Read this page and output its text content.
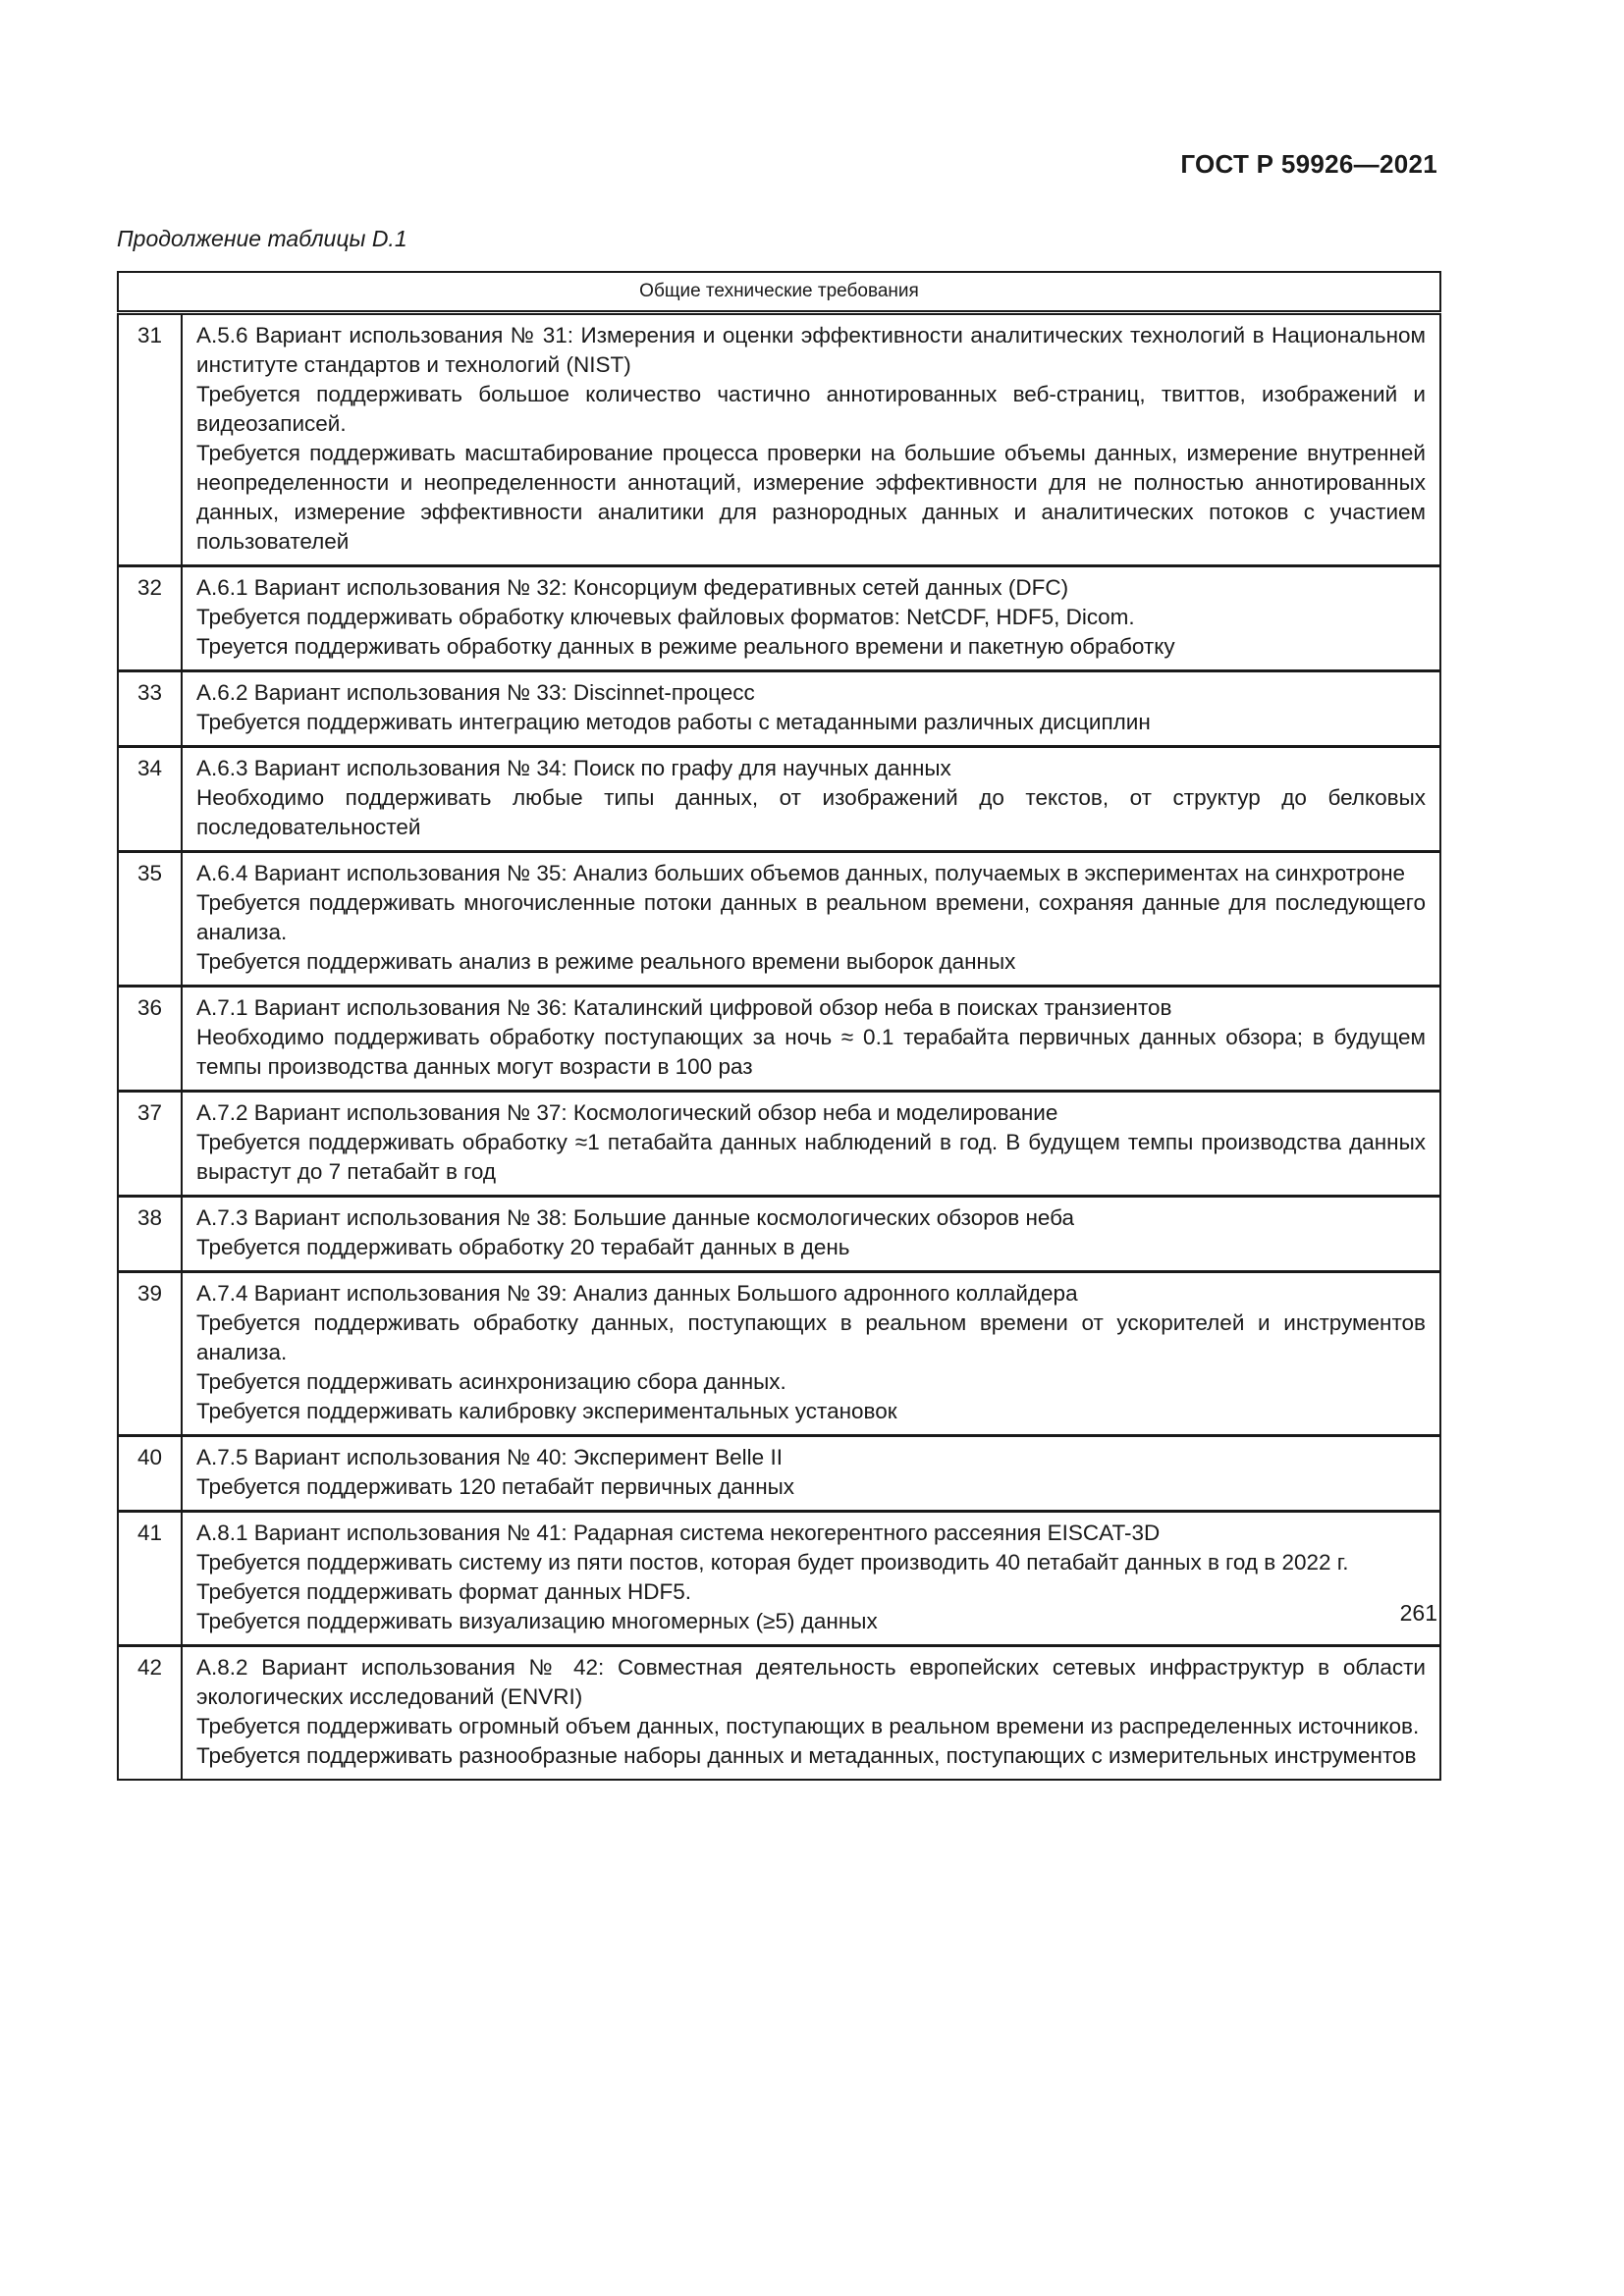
ГОСТ Р 59926—2021
Продолжение таблицы D.1
Общие технические требования	
31	А.5.6 Вариант использования № 31: Измерения и оценки эффективности аналитических технологий в Национальном институте стандартов и технологий (NIST)
Требуется поддерживать большое количество частично аннотированных веб-страниц, твиттов, изображений и видеозаписей.
Требуется поддерживать масштабирование процесса проверки на большие объемы данных, измерение внутренней неопределенности и неопределенности аннотаций, измерение эффективности для не полностью аннотированных данных, измерение эффективности аналитики для разнородных данных и аналитических потоков с участием пользователей

32	А.6.1 Вариант использования № 32: Консорциум федеративных сетей данных (DFC)
Требуется поддерживать обработку ключевых файловых форматов: NetCDF, HDF5, Dicom.
Треуется поддерживать обработку данных в режиме реального времени и пакетную обработку

33	А.6.2 Вариант использования № 33: Discinnet-процесс
Требуется поддерживать интеграцию методов работы с метаданными различных дисциплин

34	А.6.3 Вариант использования № 34: Поиск по графу для научных данных
Необходимо поддерживать любые типы данных, от изображений до текстов, от структур до белковых последовательностей

35	А.6.4 Вариант использования № 35: Анализ больших объемов данных, получаемых в экспериментах на синхротроне
Требуется поддерживать многочисленные потоки данных в реальном времени, сохраняя данные для последующего анализа.
Требуется поддерживать анализ в режиме реального времени выборок данных

36	А.7.1 Вариант использования № 36: Каталинский цифровой обзор неба в поисках транзиентов
Необходимо поддерживать обработку поступающих за ночь ≈ 0.1 терабайта первичных данных обзора; в будущем темпы производства данных могут возрасти в 100 раз

37	А.7.2 Вариант использования № 37: Космологический обзор неба и моделирование
Требуется поддерживать обработку ≈1 петабайта данных наблюдений в год. В будущем темпы производства данных вырастут до 7 петабайт в год

38	А.7.3 Вариант использования № 38: Большие данные космологических обзоров неба
Требуется поддерживать обработку 20 терабайт данных в день

39	А.7.4 Вариант использования № 39: Анализ данных Большого адронного коллайдера
Требуется поддерживать обработку данных, поступающих в реальном времени от ускорителей и инструментов анализа.
Требуется поддерживать асинхронизацию сбора данных.
Требуется поддерживать калибровку экспериментальных установок

40	А.7.5 Вариант использования № 40: Эксперимент Belle II
Требуется поддерживать 120 петабайт первичных данных

41	А.8.1 Вариант использования № 41: Радарная система некогерентного рассеяния EISCAT-3D
Требуется поддерживать систему из пяти постов, которая будет производить 40 петабайт данных в год в 2022 г.
Требуется поддерживать формат данных HDF5.
Требуется поддерживать визуализацию многомерных (≥5) данных

42	А.8.2 Вариант использования № 42: Совместная деятельность европейских сетевых инфраструктур в области экологических исследований (ENVRI)
Требуется поддерживать огромный объем данных, поступающих в реальном времени из распределенных источников.
Требуется поддерживать разнообразные наборы данных и метаданных, поступающих с измерительных инструментов
261
